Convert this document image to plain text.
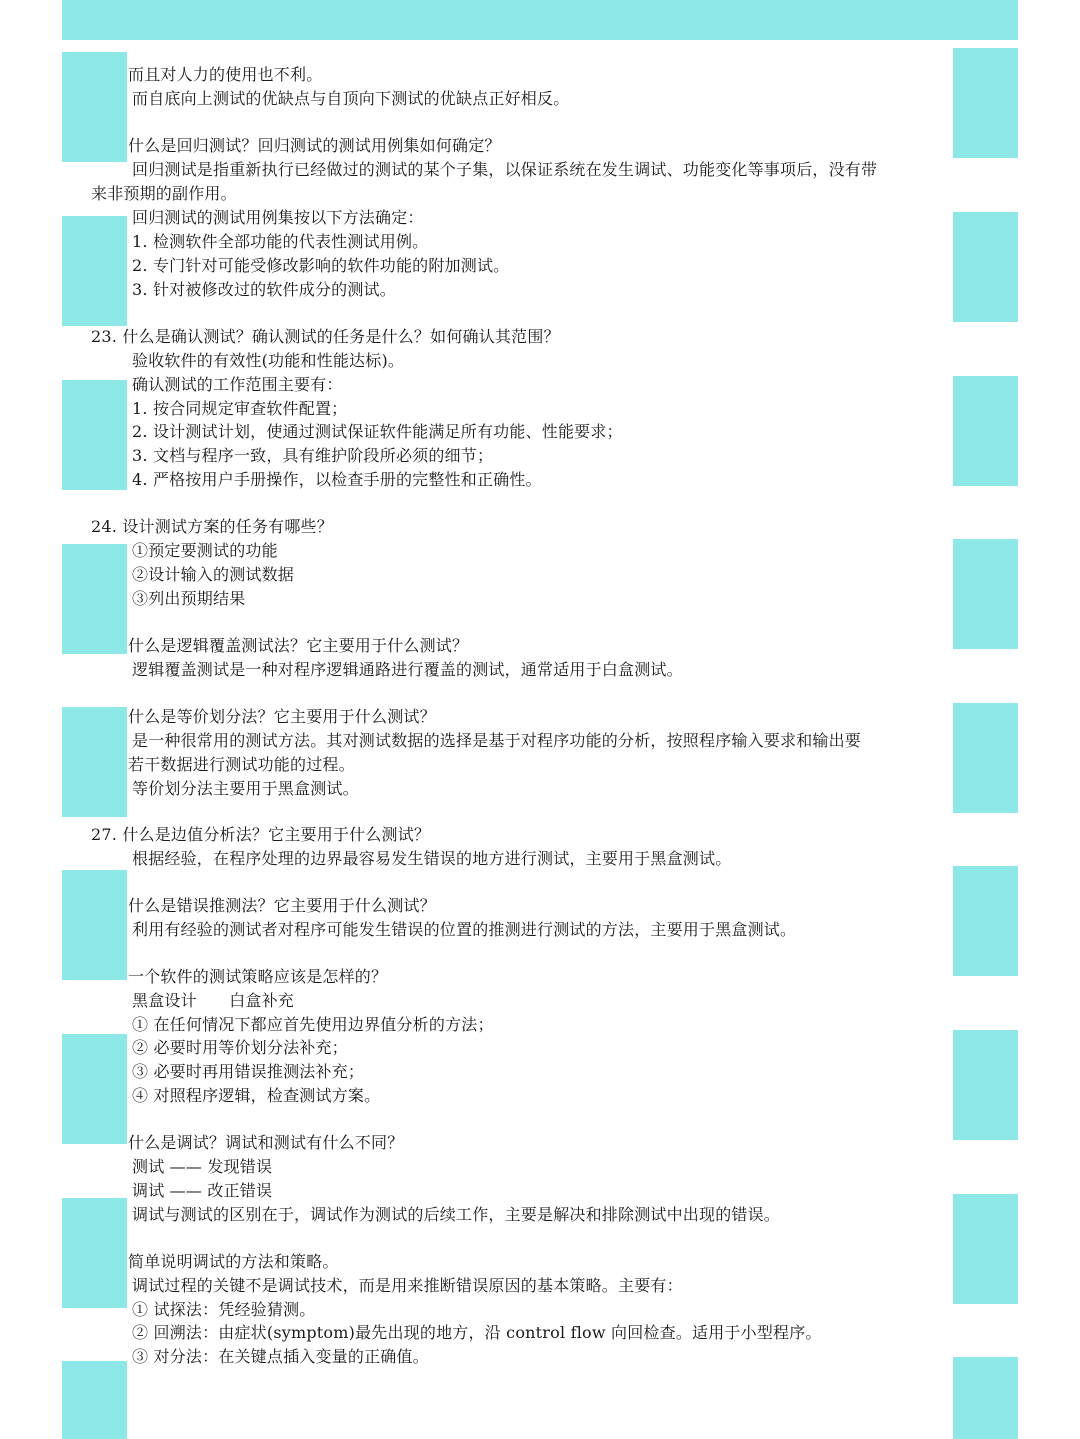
而且对人力的使用也不利。
而自底向上测试的优缺点与自顶向下测试的优缺点正好相反。
什么是回归测试？回归测试的测试用例集如何确定？
回归测试是指重新执行已经做过的测试的某个子集，以保证系统在发生调试、功能变化等事项后，没有带
来非预期的副作用。
回归测试的测试用例集按以下方法确定：
1. 检测软件全部功能的代表性测试用例。
2. 专门针对可能受修改影响的软件功能的附加测试。
3. 针对被修改过的软件成分的测试。
23. 什么是确认测试？确认测试的任务是什么？如何确认其范围？
验收软件的有效性(功能和性能达标)。
确认测试的工作范围主要有：
1. 按合同规定审查软件配置；
2. 设计测试计划，使通过测试保证软件能满足所有功能、性能要求；
3. 文档与程序一致，具有维护阶段所必须的细节；
4. 严格按用户手册操作，以检查手册的完整性和正确性。
24. 设计测试方案的任务有哪些？
①预定要测试的功能
②设计输入的测试数据
③列出预期结果
什么是逻辑覆盖测试法？它主要用于什么测试？
逻辑覆盖测试是一种对程序逻辑通路进行覆盖的测试，通常适用于白盒测试。
什么是等价划分法？它主要用于什么测试？
是一种很常用的测试方法。其对测试数据的选择是基于对程序功能的分析，按照程序输入要求和输出要
若干数据进行测试功能的过程。
等价划分法主要用于黑盒测试。
27. 什么是边值分析法？它主要用于什么测试？
根据经验，在程序处理的边界最容易发生错误的地方进行测试，主要用于黑盒测试。
什么是错误推测法？它主要用于什么测试？
利用有经验的测试者对程序可能发生错误的位置的推测进行测试的方法，主要用于黑盒测试。
一个软件的测试策略应该是怎样的？
黑盒设计　　白盒补充
① 在任何情况下都应首先使用边界值分析的方法；
② 必要时用等价划分法补充；
③ 必要时再用错误推测法补充；
④ 对照程序逻辑，检查测试方案。
什么是调试？调试和测试有什么不同？
测试 —— 发现错误
调试 —— 改正错误
调试与测试的区别在于，调试作为测试的后续工作，主要是解决和排除测试中出现的错误。
简单说明调试的方法和策略。
调试过程的关键不是调试技术，而是用来推断错误原因的基本策略。主要有：
① 试探法：凭经验猜测。
② 回溯法：由症状(symptom)最先出现的地方，沿 control flow 向回检查。适用于小型程序。
③ 对分法：在关键点插入变量的正确值。
